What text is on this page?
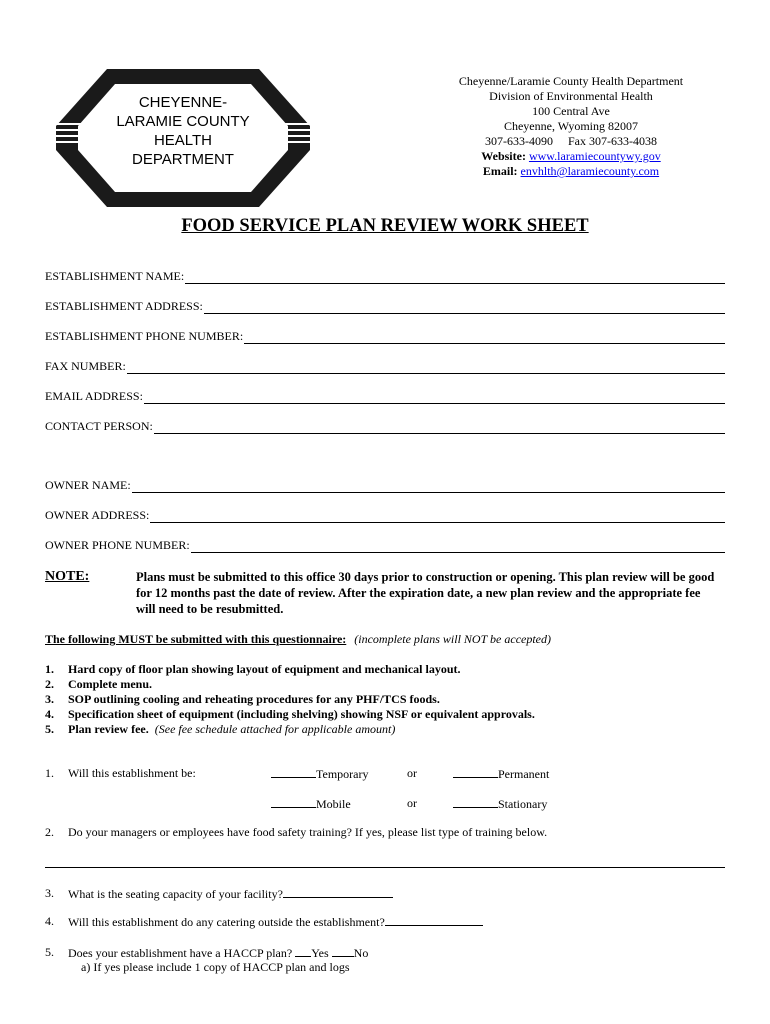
CHEYENNE-
LARAMIE COUNTY
HEALTH
DEPARTMENT
Cheyenne/Laramie County Health Department
Division of Environmental Health
100 Central Ave
Cheyenne, Wyoming 82007
307-633-4090     Fax 307-633-4038
Website: www.laramiecountywy.gov
Email: envhlth@laramiecounty.com
FOOD SERVICE PLAN REVIEW WORK SHEET
ESTABLISHMENT NAME:
ESTABLISHMENT ADDRESS:
ESTABLISHMENT PHONE NUMBER:
FAX NUMBER:
EMAIL ADDRESS:
CONTACT PERSON:
OWNER NAME:
OWNER ADDRESS:
OWNER PHONE NUMBER:
NOTE:	Plans must be submitted to this office 30 days prior to construction or opening. This plan review will be good for 12 months past the date of review. After the expiration date, a new plan review and the appropriate fee will need to be resubmitted.
The following MUST be submitted with this questionnaire: (incomplete plans will NOT be accepted)
1.	Hard copy of floor plan showing layout of equipment and mechanical layout.
2.	Complete menu.
3.	SOP outlining cooling and reheating procedures for any PHF/TCS foods.
4.	Specification sheet of equipment (including shelving) showing NSF or equivalent approvals.
5.	Plan review fee. (See fee schedule attached for applicable amount)
1. Will this establishment be:	Temporary	or	Permanent
Mobile	or	Stationary
2. Do your managers or employees have food safety training? If yes, please list type of training below.
3. What is the seating capacity of your facility?
4. Will this establishment do any catering outside the establishment?
5. Does your establishment have a HACCP plan? Yes No
a) If yes please include 1 copy of HACCP plan and logs
